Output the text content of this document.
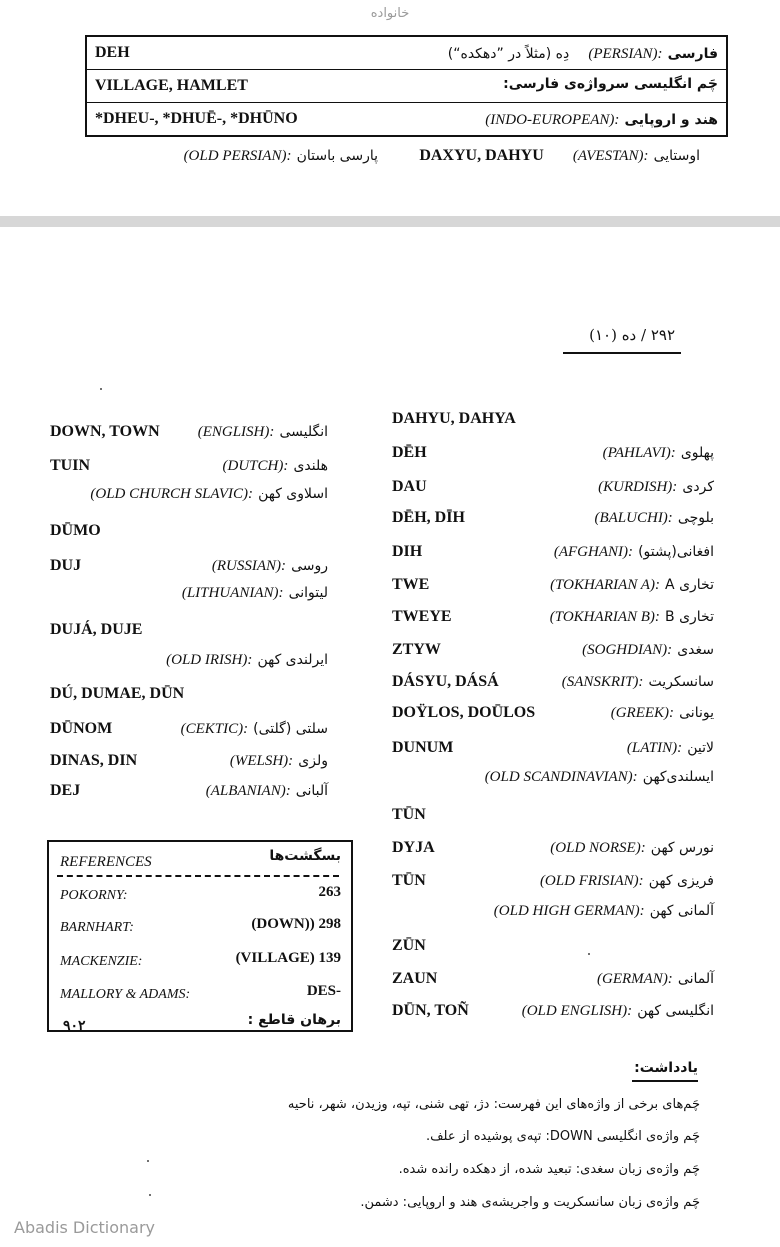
خانواده
DEH	فارسی (PERSIAN): دِه (مثلاً در ”دهکده“)
VILLAGE, HAMLET	چَم انگلیسی سرواژه‌ی فارسی:
*DHEU-, *DHUĒ-, *DHŪNO	هند و اروپایی (INDO-EUROPEAN):
اوستایی (AVESTAN): DAXYU, DAHYU
پارسی باستان (OLD PERSIAN):
۲۹۲ / ده (۱۰)
DAHYU, DAHYA
DĒH	پهلوی (PAHLAVI):
DAU	کردی (KURDISH):
DĒH, DĪH	بلوچی (BALUCHI):
DIH	افغانی(پشتو) (AFGHANI):
TWE	تخاری A (TOKHARIAN A):
TWEYE	تخاری B (TOKHARIAN B):
ZTYW	سغدی (SOGHDIAN):
DÁSYU, DÁSÁ	سانسکریت (SANSKRIT):
DOŸLOS, DOŪLOS	یونانی (GREEK):
DUNUM	لاتین (LATIN):
ایسلندی‌کهن (OLD SCANDINAVIAN):
TŪN
DYJA	نورس کهن (OLD NORSE):
TŪN	فریزی کهن (OLD FRISIAN):
آلمانی کهن (OLD HIGH GERMAN):
ZŪN
ZAUN	آلمانی (GERMAN):
DŪN, TOÑ	انگلیسی کهن (OLD ENGLISH):
DOWN, TOWN	انگلیسی (ENGLISH):
TUIN	هلندی (DUTCH):
اسلاوی کهن (OLD CHURCH SLAVIC):
DŪMO
DUJ	روسی (RUSSIAN):
لیتوانی (LITHUANIAN):
DUJÁ, DUJE
ایرلندی کهن (OLD IRISH):
DÚ, DUMAE, DŪN
DŪNOM	سلتی (گلتی) (CEKTIC):
DINAS, DIN	ولزی (WELSH):
DEJ	آلبانی (ALBANIAN):
REFERENCES	بسگشت‌ها
POKORNY:	263
BARNHART:	(DOWN)) 298
MACKENZIE:	(VILLAGE) 139
MALLORY & ADAMS:	DES-
برهان قاطع :
۹۰۲
یادداشت:
چَم‌های برخی از واژه‌های این فهرست: دژ، تهی شنی، تپه، وزیدن، شهر، ناحیه
چَم واژه‌ی انگلیسی DOWN: تپه‌ی پوشیده از علف.
چَم واژه‌ی زبان سغدی: تبعید شده، از دهکده رانده شده.
چَم واژه‌ی زبان سانسکریت و واجریشه‌ی هند و اروپایی: دشمن.
Abadis Dictionary
